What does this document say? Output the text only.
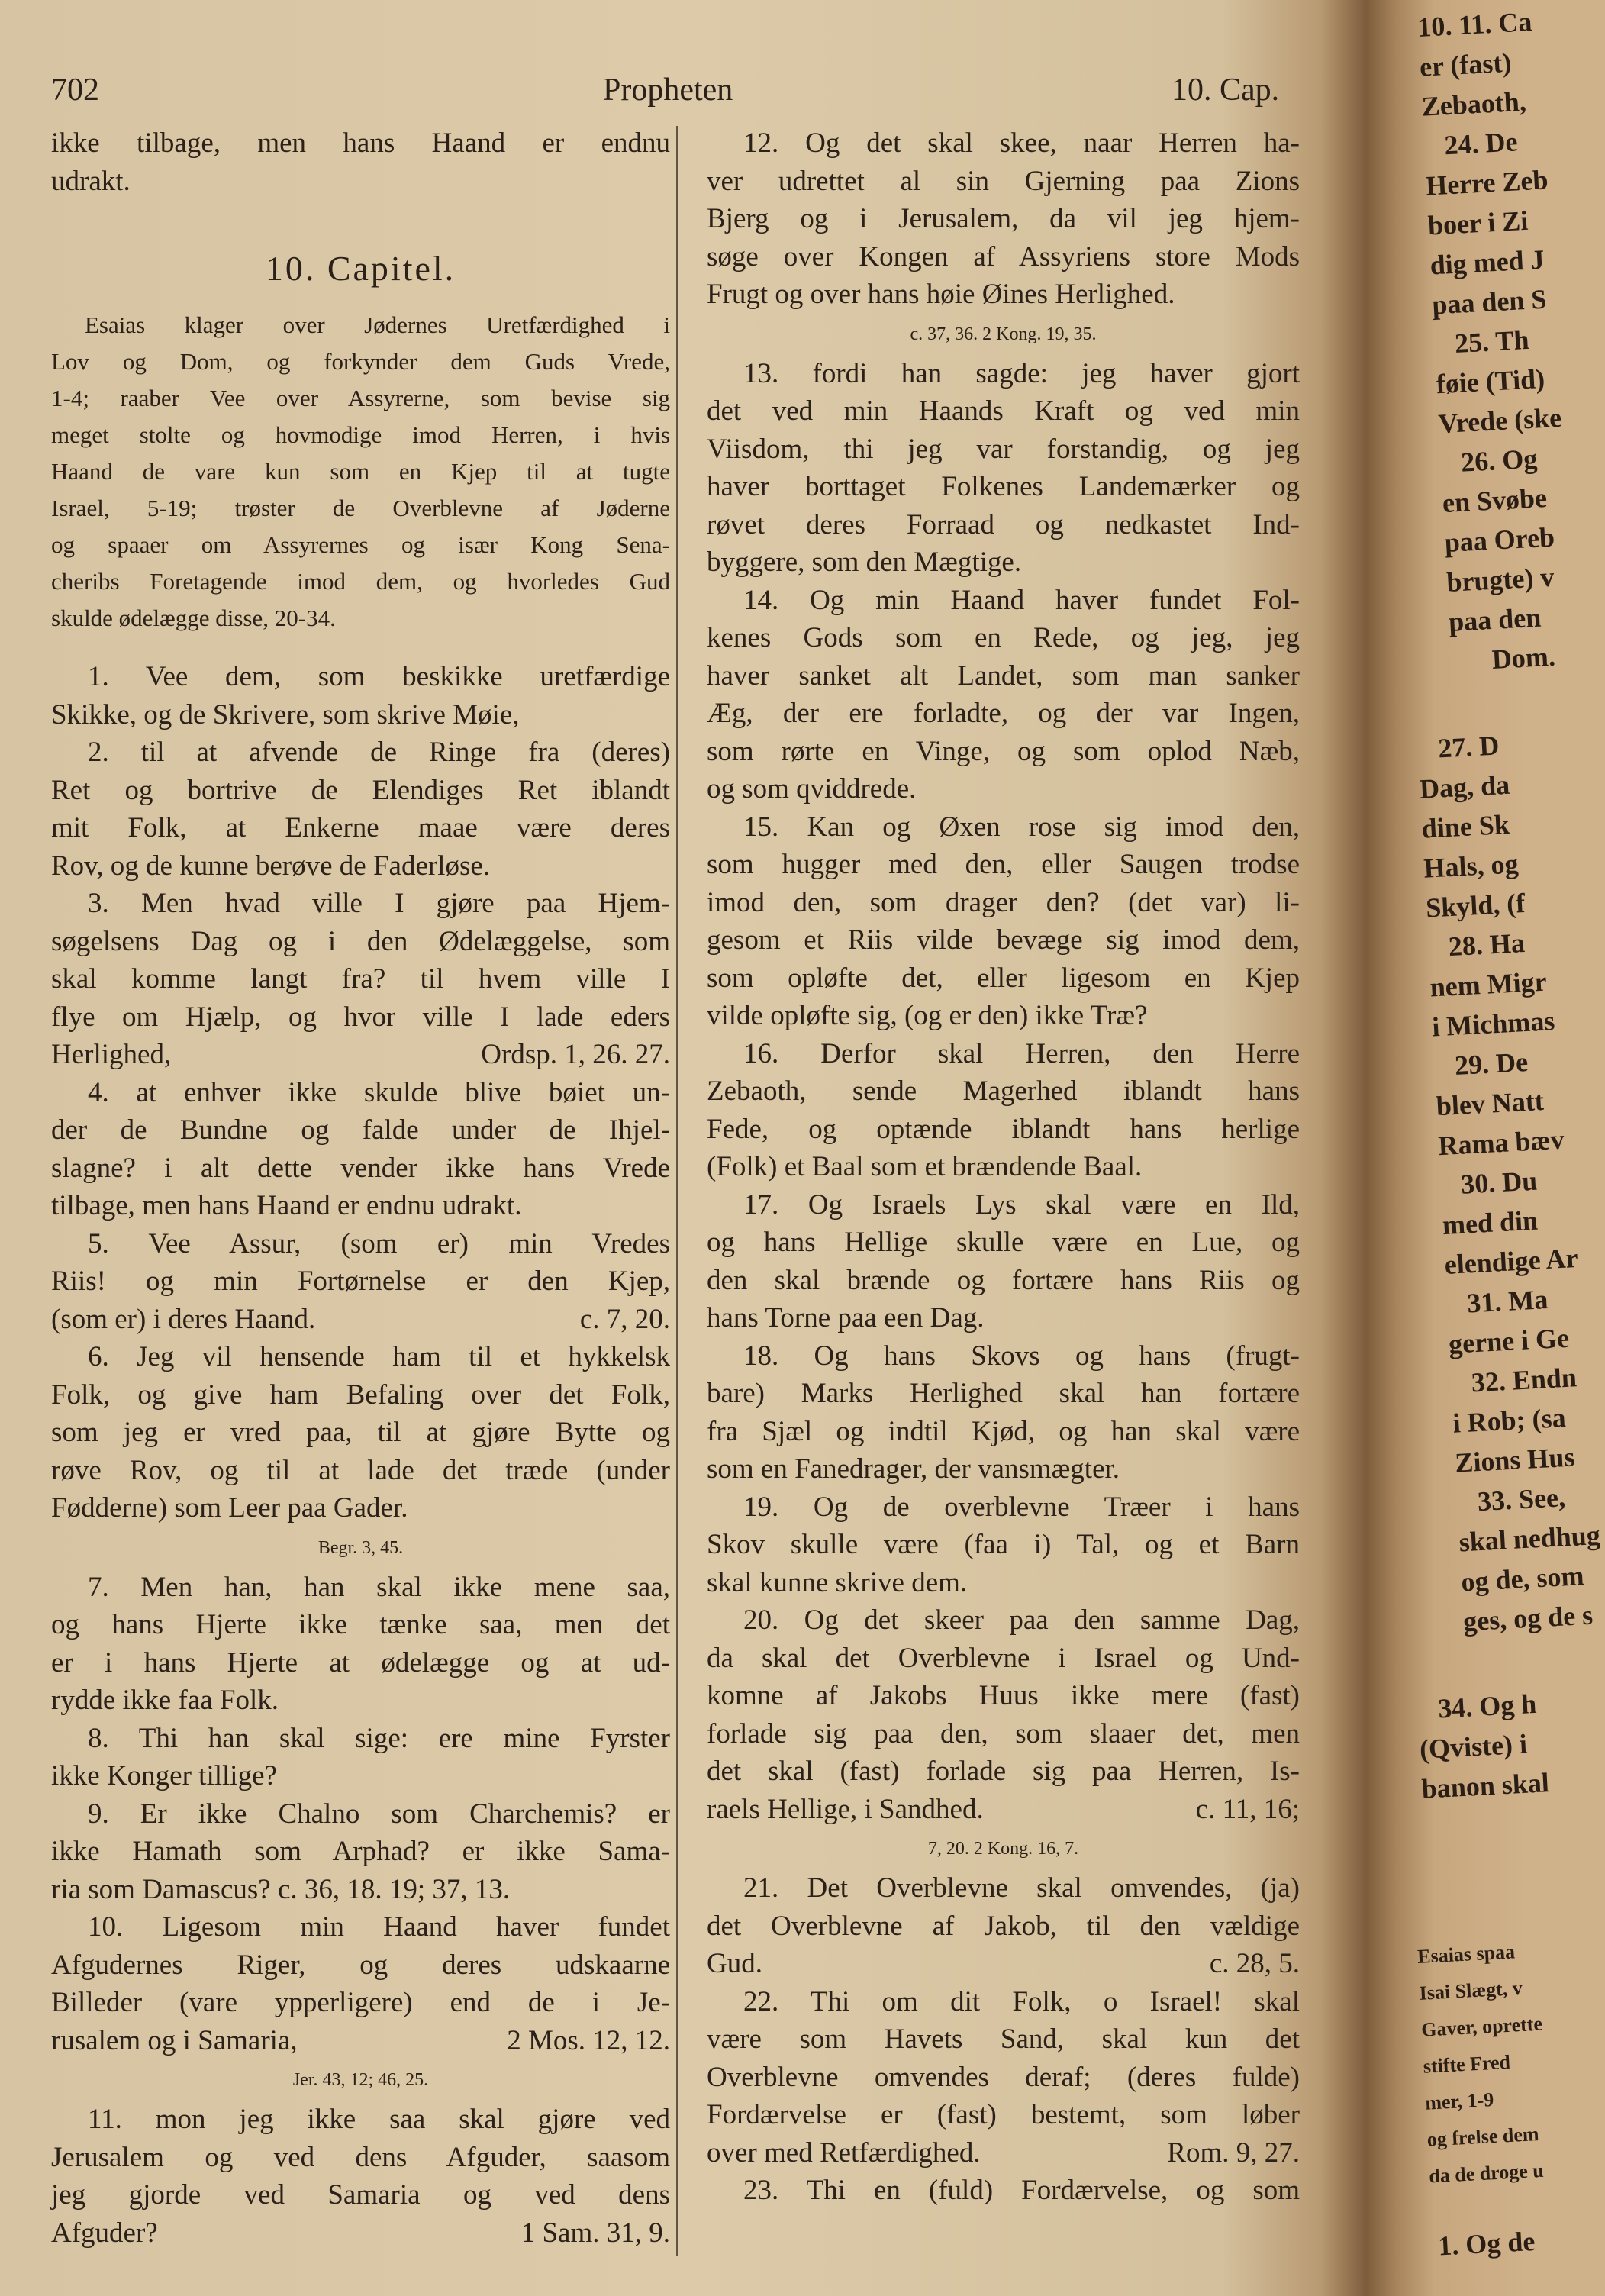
702	Propheten	10. Cap.
ikke tilbage, men hans Haand er endnu
udrakt.
10. Capitel.
Esaias klager over Jødernes Uretfærdighed i
Lov og Dom, og forkynder dem Guds Vrede,
1-4; raaber Vee over Assyrerne, som bevise sig
meget stolte og hovmodige imod Herren, i hvis
Haand de vare kun som en Kjep til at tugte
Israel, 5-19; trøster de Overblevne af Jøderne
og spaaer om Assyrernes og især Kong Sena-
cheribs Foretagende imod dem, og hvorledes Gud
skulde ødelægge disse, 20-34.
1. Vee dem, som beskikke uretfærdige
Skikke, og de Skrivere, som skrive Møie,
2. til at afvende de Ringe fra (deres)
Ret og bortrive de Elendiges Ret iblandt
mit Folk, at Enkerne maae være deres
Rov, og de kunne berøve de Faderløse.
3. Men hvad ville I gjøre paa Hjem-
søgelsens Dag og i den Ødelæggelse, som
skal komme langt fra? til hvem ville I
flye om Hjælp, og hvor ville I lade eders
Ordsp. 1, 26. 27.
Herlighed,
4. at enhver ikke skulde blive bøiet un-
der de Bundne og falde under de Ihjel-
slagne? i alt dette vender ikke hans Vrede
tilbage, men hans Haand er endnu udrakt.
5. Vee Assur, (som er) min Vredes
Riis! og min Fortørnelse er den Kjep,
c. 7, 20.
(som er) i deres Haand.
6. Jeg vil hensende ham til et hykkelsk
Folk, og give ham Befaling over det Folk,
som jeg er vred paa, til at gjøre Bytte og
røve Rov, og til at lade det træde (under
Fødderne) som Leer paa Gader.
Begr. 3, 45.
7. Men han, han skal ikke mene saa,
og hans Hjerte ikke tænke saa, men det
er i hans Hjerte at ødelægge og at ud-
rydde ikke faa Folk.
8. Thi han skal sige: ere mine Fyrster
ikke Konger tillige?
9. Er ikke Chalno som Charchemis? er
ikke Hamath som Arphad? er ikke Sama-
ria som Damascus? c. 36, 18. 19; 37, 13.
10. Ligesom min Haand haver fundet
Afgudernes Riger, og deres udskaarne
Billeder (vare ypperligere) end de i Je-
2 Mos. 12, 12.
rusalem og i Samaria,
Jer. 43, 12; 46, 25.
11. mon jeg ikke saa skal gjøre ved
Jerusalem og ved dens Afguder, saasom
jeg gjorde ved Samaria og ved dens
1 Sam. 31, 9.
Afguder?
12. Og det skal skee, naar Herren ha-
ver udrettet al sin Gjerning paa Zions
Bjerg og i Jerusalem, da vil jeg hjem-
søge over Kongen af Assyriens store Mods
Frugt og over hans høie Øines Herlighed.
c. 37, 36. 2 Kong. 19, 35.
13. fordi han sagde: jeg haver gjort
det ved min Haands Kraft og ved min
Viisdom, thi jeg var forstandig, og jeg
haver borttaget Folkenes Landemærker og
røvet deres Forraad og nedkastet Ind-
byggere, som den Mægtige.
14. Og min Haand haver fundet Fol-
kenes Gods som en Rede, og jeg, jeg
haver sanket alt Landet, som man sanker
Æg, der ere forladte, og der var Ingen,
som rørte en Vinge, og som oplod Næb,
og som qviddrede.
15. Kan og Øxen rose sig imod den,
som hugger med den, eller Saugen trodse
imod den, som drager den? (det var) li-
gesom et Riis vilde bevæge sig imod dem,
som opløfte det, eller ligesom en Kjep
vilde opløfte sig, (og er den) ikke Træ?
16. Derfor skal Herren, den Herre
Zebaoth, sende Magerhed iblandt hans
Fede, og optænde iblandt hans herlige
(Folk) et Baal som et brændende Baal.
17. Og Israels Lys skal være en Ild,
og hans Hellige skulle være en Lue, og
den skal brænde og fortære hans Riis og
hans Torne paa een Dag.
18. Og hans Skovs og hans (frugt-
bare) Marks Herlighed skal han fortære
fra Sjæl og indtil Kjød, og han skal være
som en Fanedrager, der vansmægter.
19. Og de overblevne Træer i hans
Skov skulle være (faa i) Tal, og et Barn
skal kunne skrive dem.
20. Og det skeer paa den samme Dag,
da skal det Overblevne i Israel og Und-
komne af Jakobs Huus ikke mere (fast)
forlade sig paa den, som slaaer det, men
det skal (fast) forlade sig paa Herren, Is-
c. 11, 16;
raels Hellige, i Sandhed.
7, 20. 2 Kong. 16, 7.
21. Det Overblevne skal omvendes, (ja)
det Overblevne af Jakob, til den vældige
c. 28, 5.
Gud.
22. Thi om dit Folk, o Israel! skal
være som Havets Sand, skal kun det
Overblevne omvendes deraf; (deres fulde)
Fordærvelse er (fast) bestemt, som løber
Rom. 9, 27.
over med Retfærdighed.
23. Thi en (fuld) Fordærvelse, og som
10. 11. Ca
er (fast)
Zebaoth,
24. De
Herre Zeb
boer i Zi
dig med J
paa den S
25. Th
føie (Tid)
Vrede (ske
26. Og
en Svøbe
paa Oreb
brugte) v
paa den
Dom.
27. D
Dag, da
dine Sk
Hals, og
Skyld, (f
28. Ha
nem Migr
i Michmas
29. De
blev Natt
Rama bæv
30. Du
med din
elendige Ar
31. Ma
gerne i Ge
32. Endn
i Rob; (sa
Zions Hus
33. See,
skal nedhug
og de, som
ges, og de s
34. Og h
(Qviste) i
banon skal
Esaias spaa
Isai Slægt, v
Gaver, oprette
stifte Fred
mer, 1-9
og frelse dem
da de droge u
1. Og de
